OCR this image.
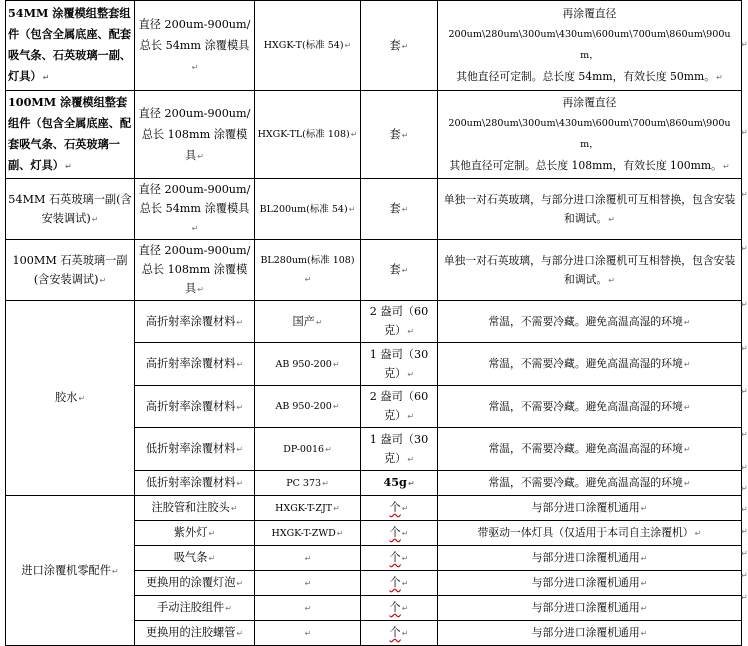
54MM 涂覆模组整套组件（包含全属底座、配套吸气条、石英玻璃一副、灯具）↵	直径 200um-900um/总长 54mm 涂覆模具↵	HXGK-T(标准 54)↵	套↵	再涂覆直径
200um\280um\300um\430um\600um\700um\860um\900um，
其他直径可定制。总长度 54mm，有效长度 50mm。↵

100MM 涂覆模组整套组件（包含全属底座、配套吸气条、石英玻璃一副、灯具）↵	直径 200um-900um/总长 108mm 涂覆模具↵	HXGK-TL(标准 108)↵	套↵	再涂覆直径
200um\280um\300um\430um\600um\700um\860um\900um，
其他直径可定制。总长度 108mm，有效长度 100mm。↵

54MM 石英玻璃一副(含安装调试)↵	直径 200um-900um/总长 54mm 涂覆模具↵	BL200um(标准 54)↵	套↵	单独一对石英玻璃，与部分进口涂覆机可互相替换，包含安装和调试。↵
100MM 石英玻璃一副(含安装调试)↵	直径 200um-900um/总长 108mm 涂覆模具↵	BL280um(标准 108)↵	套↵	单独一对石英玻璃，与部分进口涂覆机可互相替换，包含安装和调试。↵
胶水↵	高折射率涂覆材料↵	国产↵	2 盎司（60 克）↵	常温，不需要冷藏。避免高温高湿的环境↵
	高折射率涂覆材料↵	AB 950-200↵	1 盎司（30 克）↵	常温，不需要冷藏。避免高温高湿的环境↵
	高折射率涂覆材料↵	AB 950-200↵	2 盎司（60 克）↵	常温，不需要冷藏。避免高温高湿的环境↵
	低折射率涂覆材料↵	DP-0016↵	1 盎司（30 克）↵	常温，不需要冷藏。避免高温高湿的环境↵
	低折射率涂覆材料↵	PC 373↵	45g↵	常温，不需要冷藏。避免高温高湿的环境↵
进口涂覆机零配件↵	注胶管和注胶头↵	HXGK-T-ZJT↵	个↵	与部分进口涂覆机通用↵
	紫外灯↵	HXGK-T-ZWD↵	个↵	带驱动一体灯具（仅适用于本司自主涂覆机）↵
	吸气条↵	↵	个↵	与部分进口涂覆机通用↵
	更换用的涂覆灯泡↵	↵	个↵	与部分进口涂覆机通用↵
	手动注胶组件↵	↵	个↵	与部分进口涂覆机通用↵
	更换用的注胶螺管↵	↵	个↵	与部分进口涂覆机通用↵
↵
↵
↵
↵
↵
↵
↵
↵
↵
↵
↵
↵
↵
↵
↵
